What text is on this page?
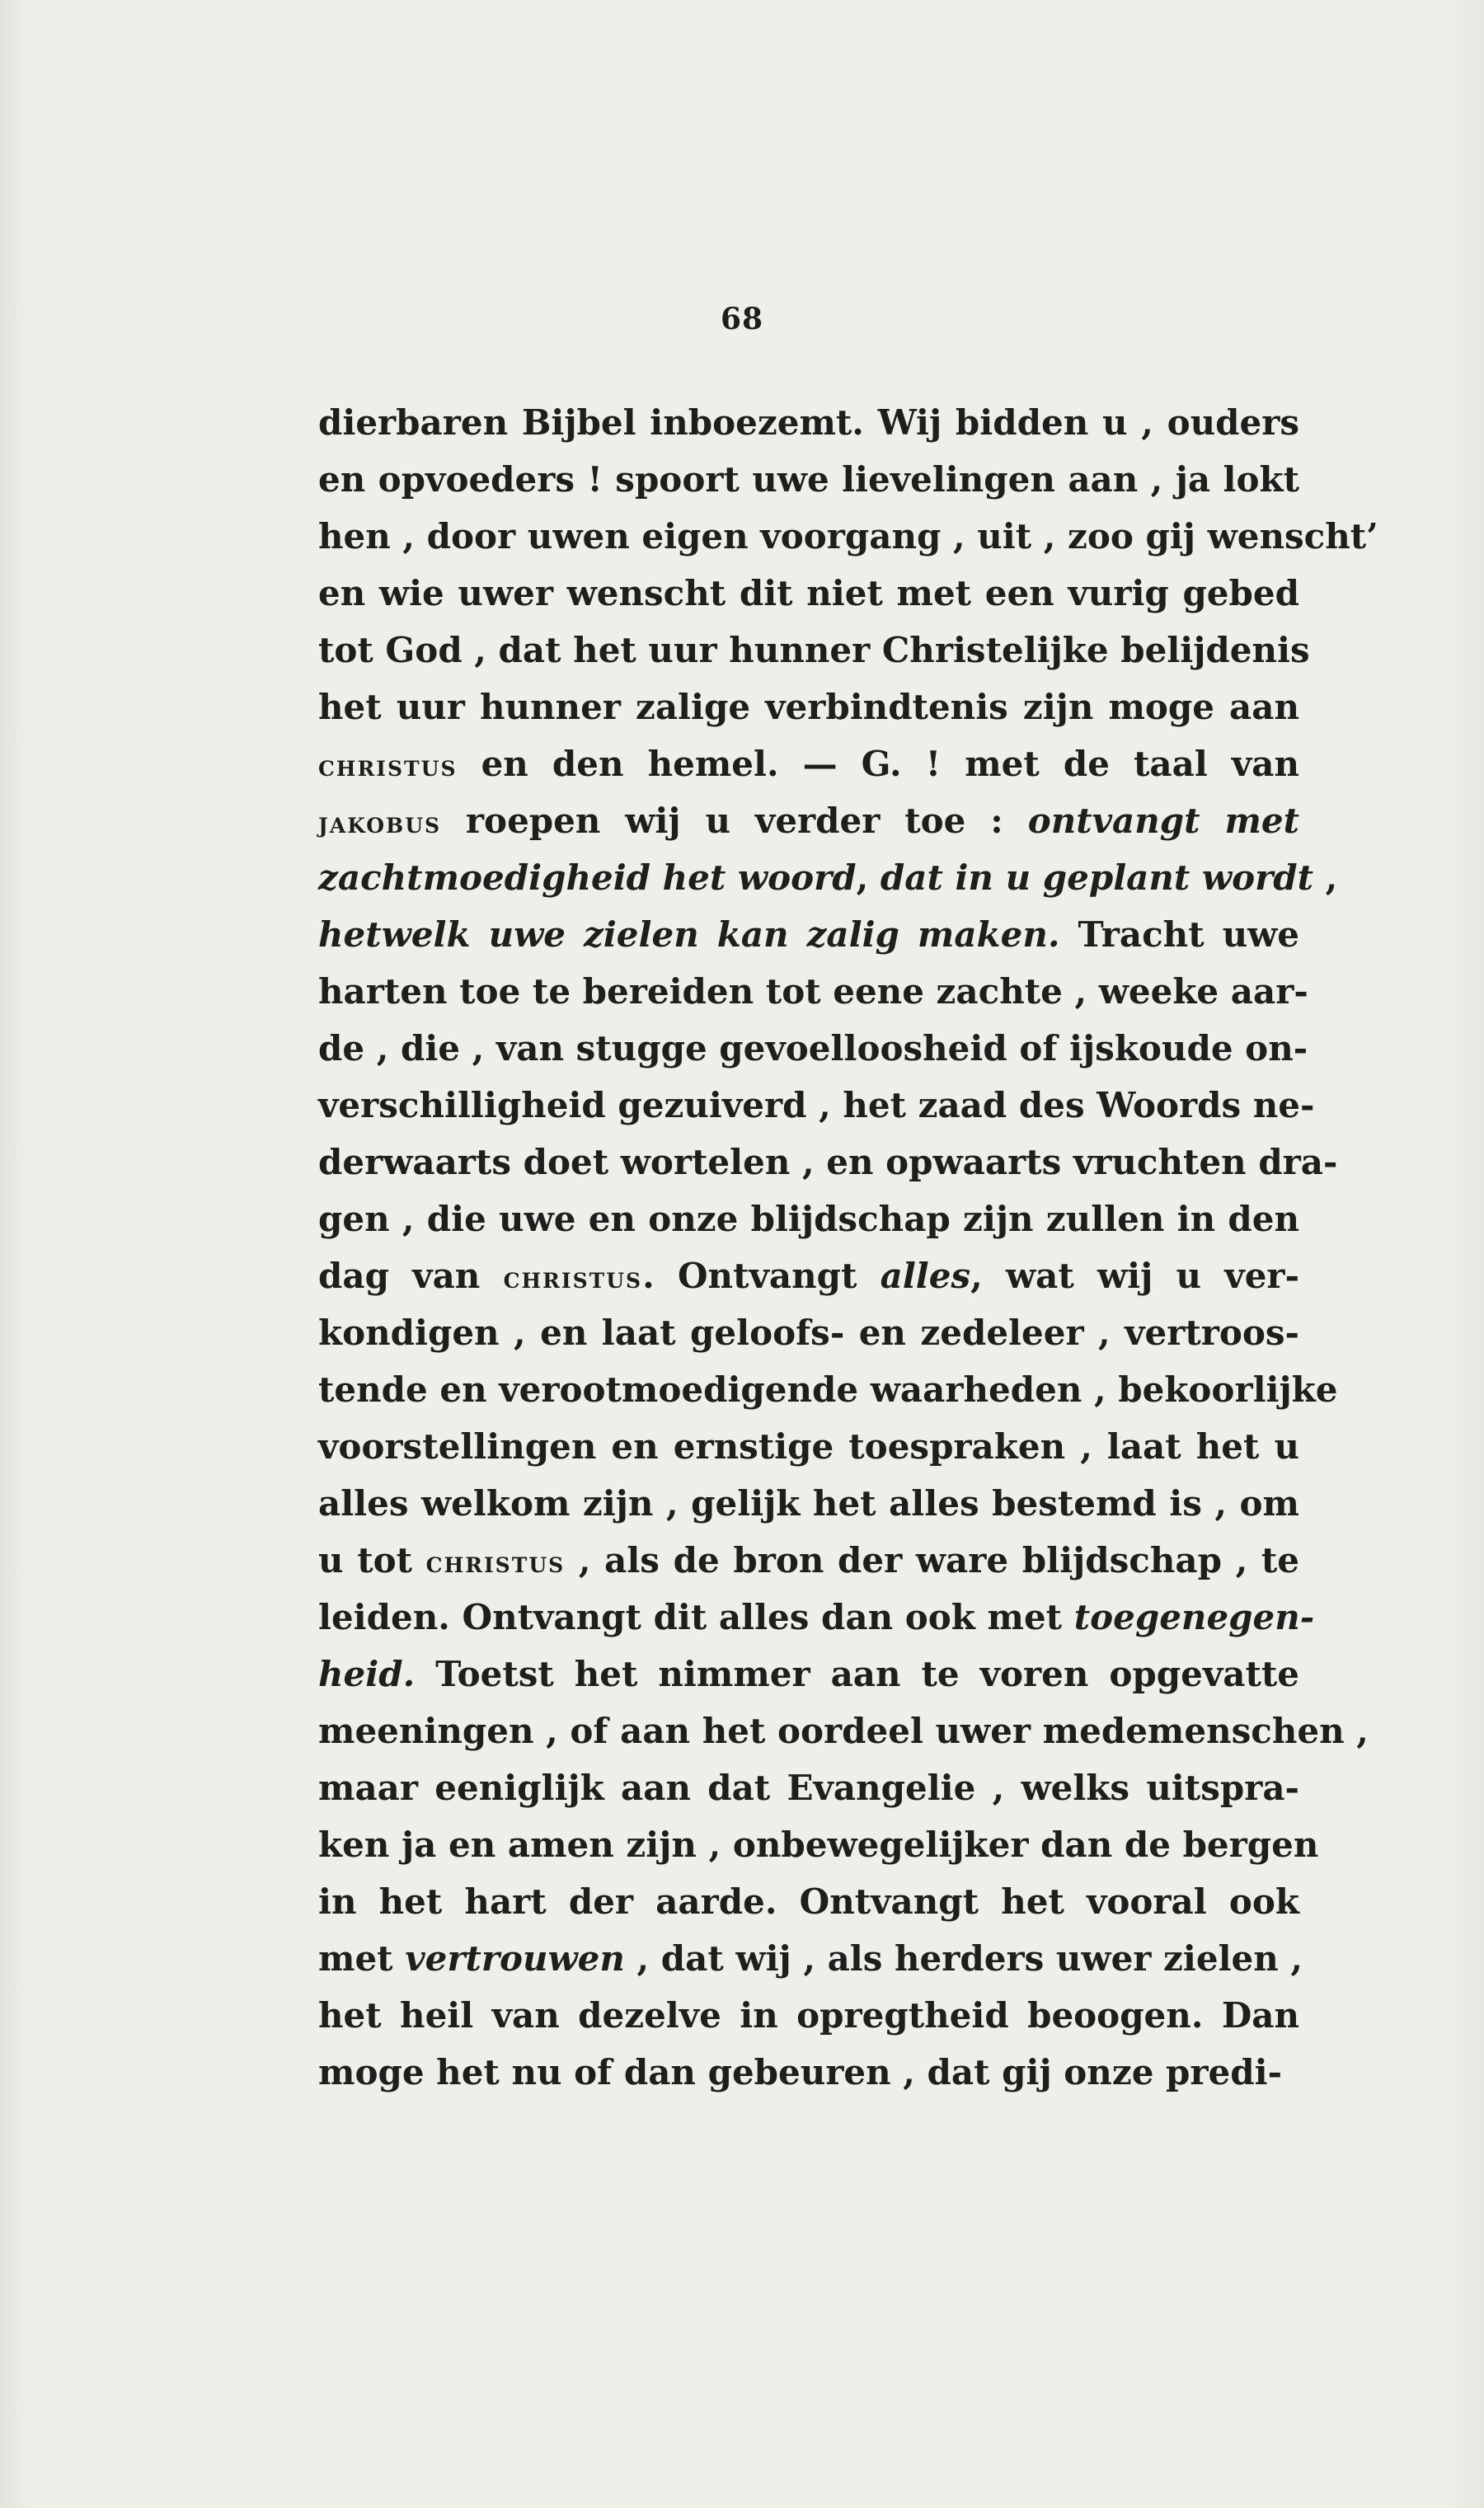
68
dierbaren Bijbel inboezemt. Wij bidden u , ouders
en opvoeders ! spoort uwe lievelingen aan , ja lokt
hen , door uwen eigen voorgang , uit , zoo gij wenscht’
en wie uwer wenscht dit niet met een vurig gebed
tot God , dat het uur hunner Christelijke belijdenis
het uur hunner zalige verbindtenis zijn moge aan
christus en den hemel. — G. ! met de taal van
jakobus roepen wij u verder toe : ontvangt met
zachtmoedigheid het woord, dat in u geplant wordt ,
hetwelk uwe zielen kan zalig maken. Tracht uwe
harten toe te bereiden tot eene zachte , weeke aar-
de , die , van stugge gevoelloosheid of ijskoude on-
verschilligheid gezuiverd , het zaad des Woords ne-
derwaarts doet wortelen , en opwaarts vruchten dra-
gen , die uwe en onze blijdschap zijn zullen in den
dag van christus. Ontvangt alles, wat wij u ver-
kondigen , en laat geloofs- en zedeleer , vertroos-
tende en verootmoedigende waarheden , bekoorlijke
voorstellingen en ernstige toespraken , laat het u
alles welkom zijn , gelijk het alles bestemd is , om
u tot christus , als de bron der ware blijdschap , te
leiden. Ontvangt dit alles dan ook met toegenegen-
heid. Toetst het nimmer aan te voren opgevatte
meeningen , of aan het oordeel uwer medemenschen ,
maar eeniglijk aan dat Evangelie , welks uitspra-
ken ja en amen zijn , onbewegelijker dan de bergen
in het hart der aarde. Ontvangt het vooral ook
met vertrouwen , dat wij , als herders uwer zielen ,
het heil van dezelve in opregtheid beoogen. Dan
moge het nu of dan gebeuren , dat gij onze predi-
